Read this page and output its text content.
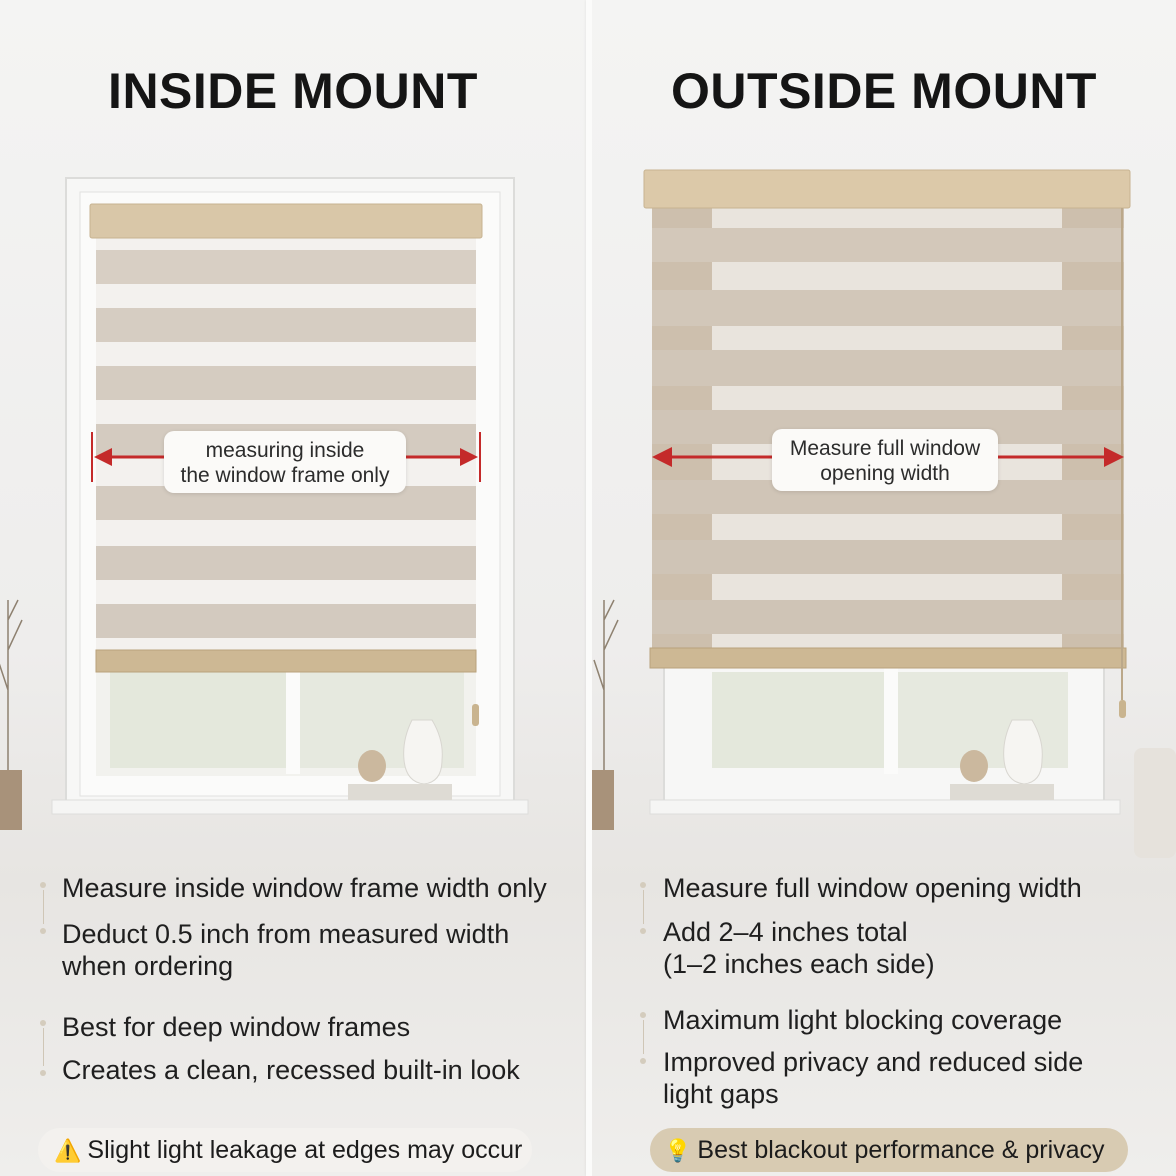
INSIDE MOUNT
measuring inside
the window frame only
Measure inside window frame width only
Deduct 0.5 inch from measured width
when ordering
Best for deep window frames
Creates a clean, recessed built-in look
⚠️ Slight light leakage at edges may occur
OUTSIDE MOUNT
Measure full window
opening width
Measure full window opening width
Add 2–4 inches total
(1–2 inches each side)
Maximum light blocking coverage
Improved privacy and reduced side
light gaps
💡 Best blackout performance & privacy
